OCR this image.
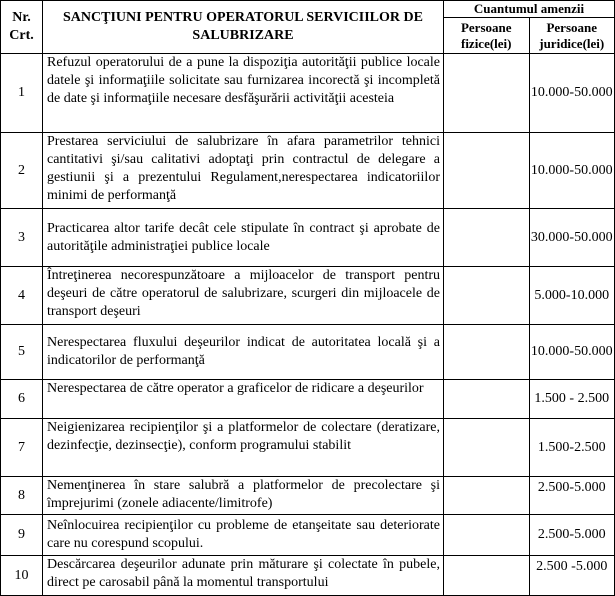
Nr. Crt.	SANCŢIUNI PENTRU OPERATORUL SERVICIILOR DE SALUBRIZARE	Cuantumul amenzii	
		Persoane fizice(lei)	Persoane juridice(lei)
1	Refuzul operatorului de a pune la dispoziţia autorităţii publice locale datele şi informaţiile solicitate sau furnizarea incorectă şi incompletă de date şi informaţiile necesare desfăşurării activităţii acesteia		10.000-50.000
2	Prestarea serviciului de salubrizare în afara parametrilor tehnici cantitativi şi/sau calitativi adoptaţi prin contractul de delegare a gestiunii şi a prezentului Regulament,nerespectarea indicatoriilor minimi de performanţă		10.000-50.000
3	Practicarea altor tarife decât cele stipulate în contract şi aprobate de autorităţile administraţiei publice locale		30.000-50.000
4	Întreţinerea necorespunzătoare a mijloacelor de transport pentru deşeuri de către operatorul de salubrizare, scurgeri din mijloacele de transport deşeuri		5.000-10.000
5	Nerespectarea fluxului deşeurilor indicat de autoritatea locală şi a indicatorilor de performanţă		10.000-50.000
6	Nerespectarea de către operator a graficelor de ridicare a deşeurilor		1.500 - 2.500
7	Neigienizarea recipienţilor şi a platformelor de colectare (deratizare, dezinfecţie, dezinsecţie), conform programului stabilit		1.500-2.500
8	Nemenţinerea în stare salubră a platformelor de precolectare şi împrejurimi (zonele adiacente/limitrofe)		2.500-5.000
9	Neînlocuirea recipienţilor cu probleme de etanşeitate sau deteriorate care nu corespund scopului.		2.500-5.000
10	Descărcarea deşeurilor adunate prin măturare şi colectate în pubele, direct pe carosabil până la momentul transportului		2.500 -5.000
